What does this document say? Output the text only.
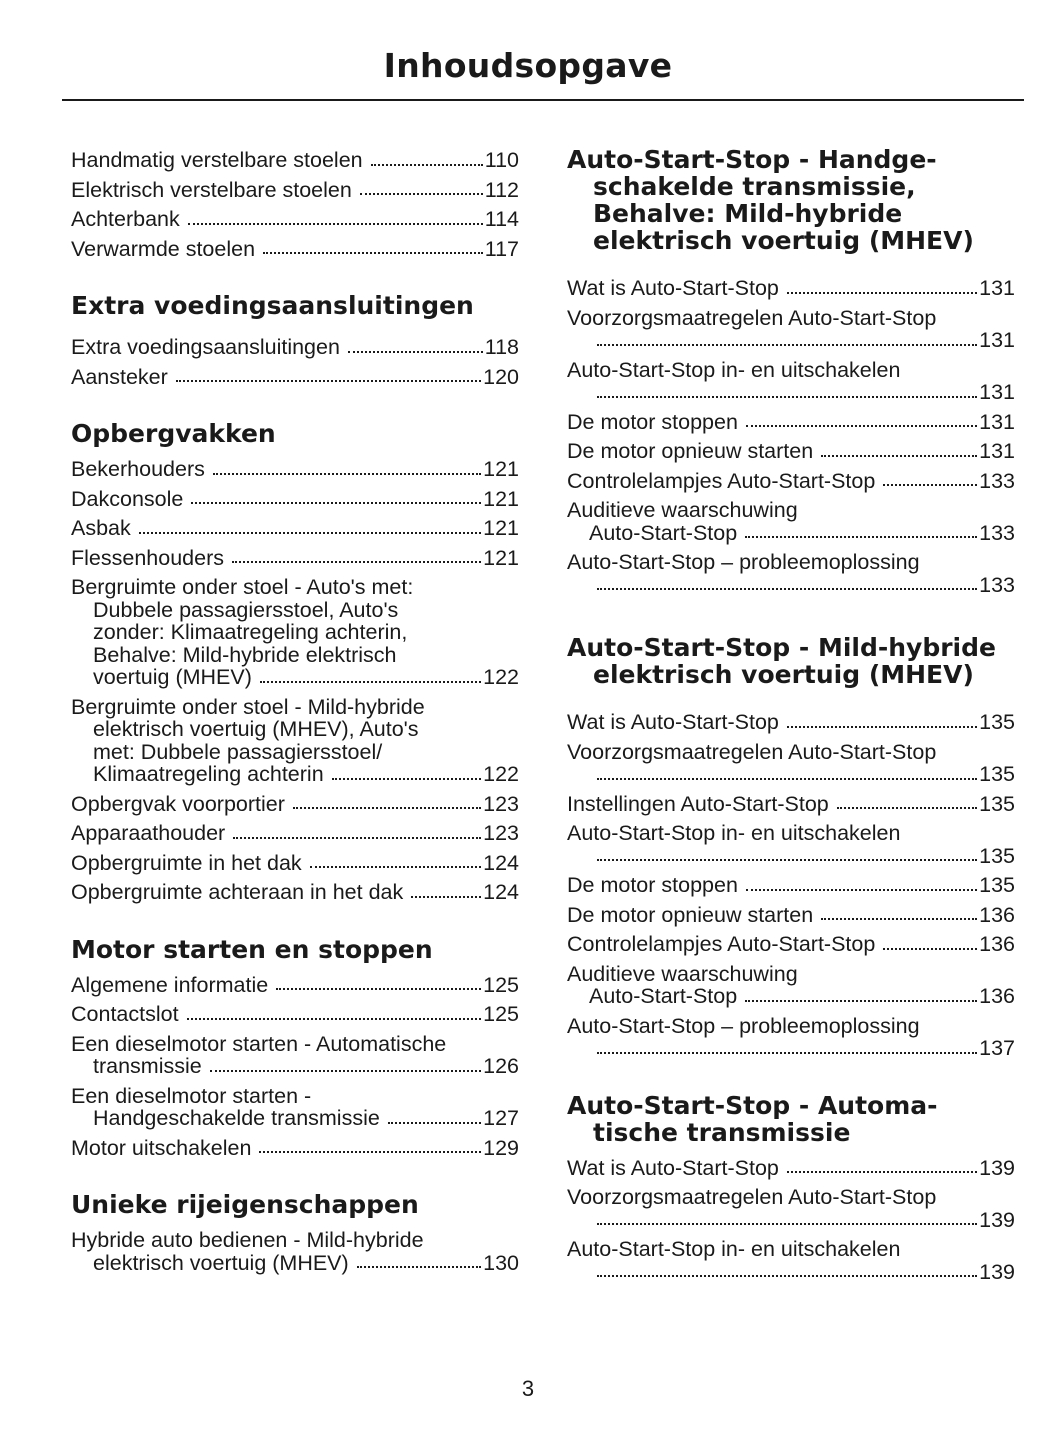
Inhoudsopgave
Handmatig verstelbare stoelen	110
Elektrisch verstelbare stoelen	112
Achterbank	114
Verwarmde stoelen	117
Extra voedingsaansluitingen
Extra voedingsaansluitingen	118
Aansteker	120
Opbergvakken
Bekerhouders	121
Dakconsole	121
Asbak	121
Flessenhouders	121
Bergruimte onder stoel - Auto's met:
Dubbele passagiersstoel, Auto's
zonder: Klimaatregeling achterin,
Behalve: Mild-hybride elektrisch
voertuig (MHEV)	122
Bergruimte onder stoel - Mild-hybride
elektrisch voertuig (MHEV), Auto's
met: Dubbele passagiersstoel/
Klimaatregeling achterin	122
Opbergvak voorportier	123
Apparaathouder	123
Opbergruimte in het dak	124
Opbergruimte achteraan in het dak	124
Motor starten en stoppen
Algemene informatie	125
Contactslot	125
Een dieselmotor starten - Automatische
transmissie	126
Een dieselmotor starten -
Handgeschakelde transmissie	127
Motor uitschakelen	129
Unieke rijeigenschappen
Hybride auto bedienen - Mild-hybride
elektrisch voertuig (MHEV)	130
Auto-Start-Stop - Handge-
schakelde transmissie,
Behalve: Mild-hybride
elektrisch voertuig (MHEV)
Wat is Auto-Start-Stop	131
Voorzorgsmaatregelen Auto-Start-Stop
131
Auto-Start-Stop in- en uitschakelen
131
De motor stoppen	131
De motor opnieuw starten	131
Controlelampjes Auto-Start-Stop	133
Auditieve waarschuwing
Auto-Start-Stop	133
Auto-Start-Stop – probleemoplossing
133
Auto-Start-Stop - Mild-hybride
elektrisch voertuig (MHEV)
Wat is Auto-Start-Stop	135
Voorzorgsmaatregelen Auto-Start-Stop
135
Instellingen Auto-Start-Stop	135
Auto-Start-Stop in- en uitschakelen
135
De motor stoppen	135
De motor opnieuw starten	136
Controlelampjes Auto-Start-Stop	136
Auditieve waarschuwing
Auto-Start-Stop	136
Auto-Start-Stop – probleemoplossing
137
Auto-Start-Stop - Automa-
tische transmissie
Wat is Auto-Start-Stop	139
Voorzorgsmaatregelen Auto-Start-Stop
139
Auto-Start-Stop in- en uitschakelen
139
3
